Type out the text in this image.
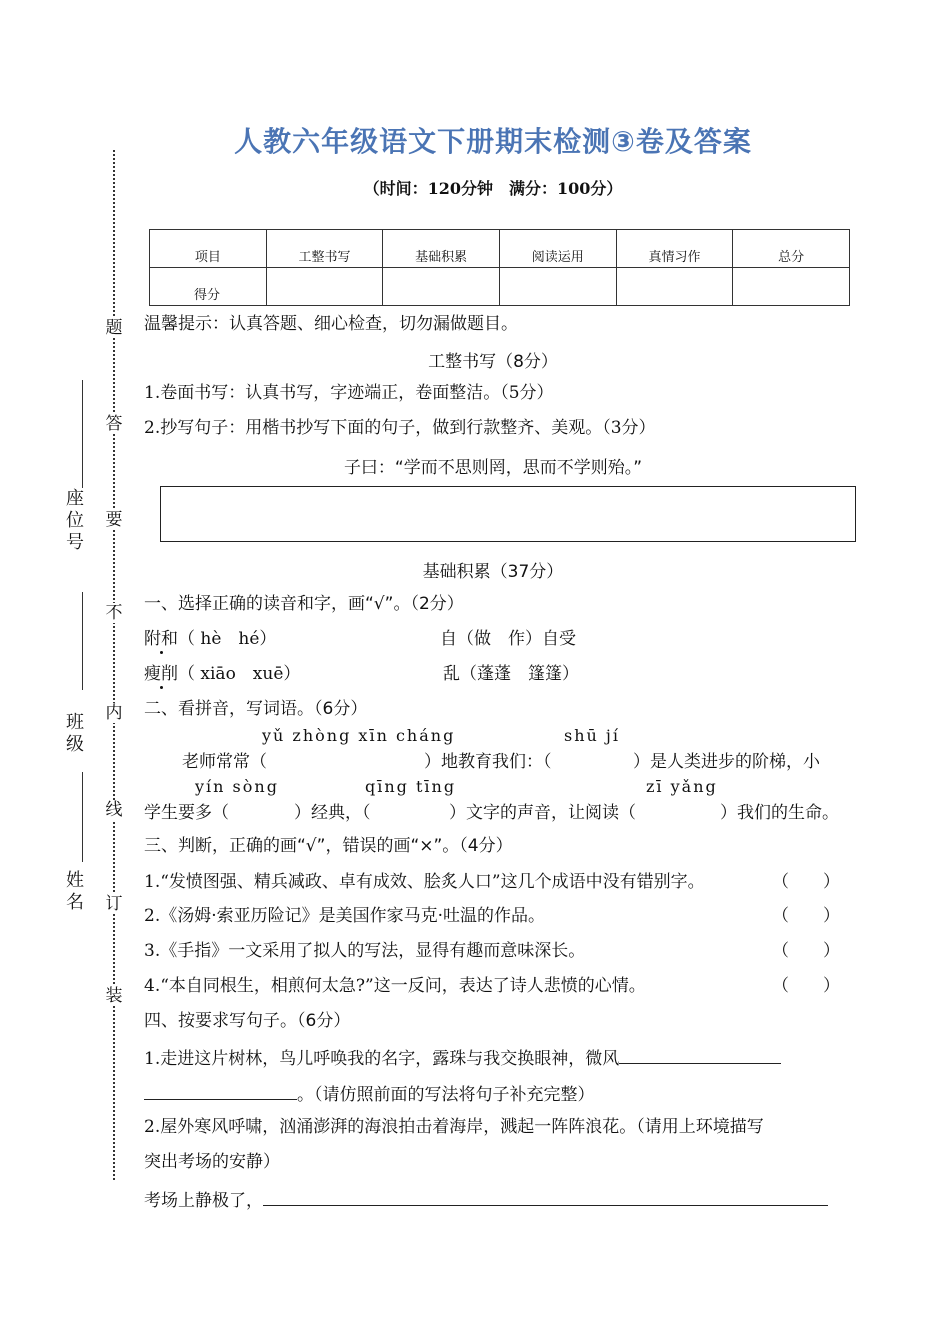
题
答
要
不
内
线
订
装
座位号
班级
姓名
人教六年级语文下册期末检测③卷及答案
（时间：120分钟　满分：100分）
项目	工整书写	基础积累	阅读运用	真情习作	总分
得分					
温馨提示：认真答题、细心检查，切勿漏做题目。
工整书写（8分）
1.卷面书写：认真书写，字迹端正，卷面整洁。（5分）
2.抄写句子：用楷书抄写下面的句子，做到行款整齐、美观。（3分）
子曰：“学而不思则罔，思而不学则殆。”
基础积累（37分）
一、选择正确的读音和字，画“√”。（2分）
附和（ hè　hé）	自（做　作）自受
瘦削（ xiāo　xuē）	乱（蓬蓬　篷篷）
二、看拼音，写词语。（6分）
yǔ zhòng xīn cháng	shū jí
老师常常（	）地教育我们：（	）是人类进步的阶梯，小
yín sòng	qīng tīng	zī yǎng
学生要多（	）经典，（	）文字的声音，让阅读（	）我们的生命。
三、判断，正确的画“√”，错误的画“×”。（4分）
1.“发愤图强、精兵减政、卓有成效、脍炙人口”这几个成语中没有错别字。	（　　）
2.《汤姆·索亚历险记》是美国作家马克·吐温的作品。	（　　）
3.《手指》一文采用了拟人的写法，显得有趣而意味深长。	（　　）
4.“本自同根生，相煎何太急?”这一反问，表达了诗人悲愤的心情。	（　　）
四、按要求写句子。（6分）
1.走进这片树林，鸟儿呼唤我的名字，露珠与我交换眼神，微风
。（请仿照前面的写法将句子补充完整）
2.屋外寒风呼啸，汹涌澎湃的海浪拍击着海岸，溅起一阵阵浪花。（请用上环境描写
突出考场的安静）
考场上静极了，
